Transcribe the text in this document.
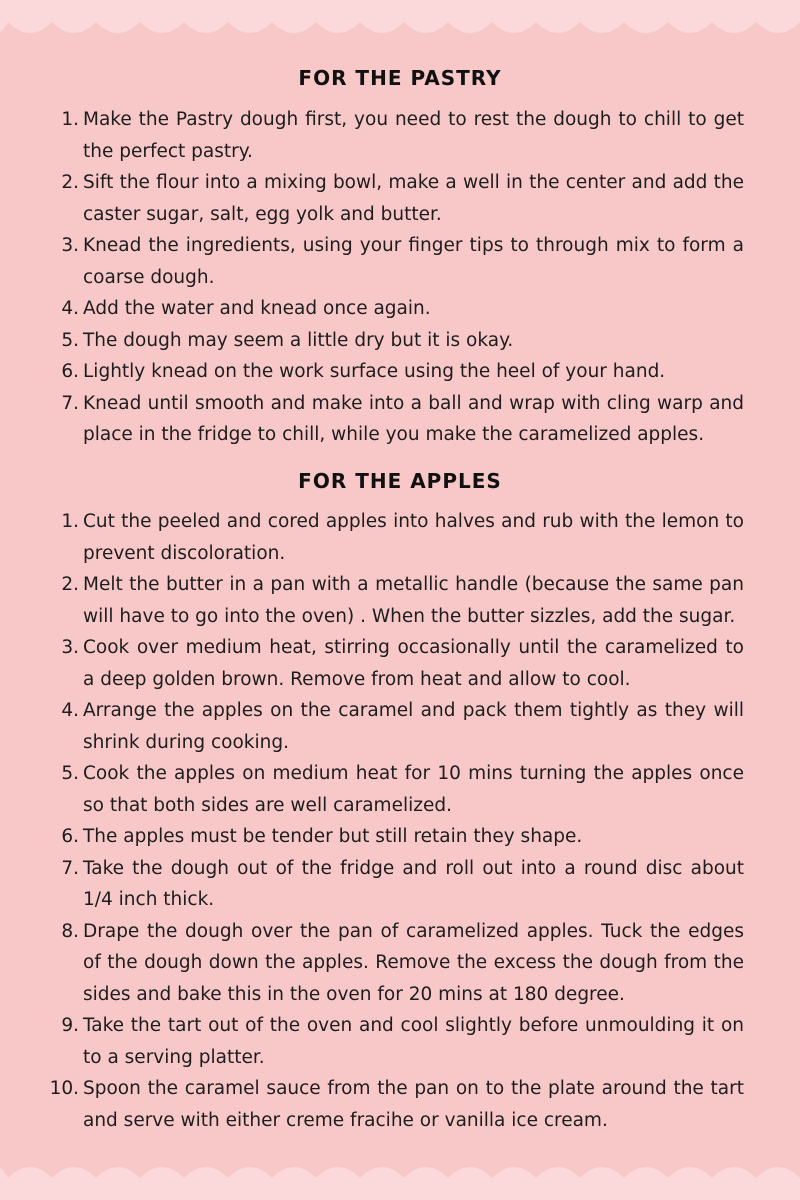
FOR THE PASTRY
1. Make the Pastry dough first, you need to rest the dough to chill to get the perfect pastry.
2. Sift the flour into a mixing bowl, make a well in the center and add the caster sugar, salt, egg yolk and butter.
3. Knead the ingredients, using your finger tips to through mix to form a coarse dough.
4. Add the water and knead once again.
5. The dough may seem a little dry but it is okay.
6. Lightly knead on the work surface using the heel of your hand.
7. Knead until smooth and make into a ball and wrap with cling warp and place in the fridge to chill, while you make the caramelized apples.
FOR THE APPLES
1. Cut the peeled and cored apples into halves and rub with the lemon to prevent discoloration.
2. Melt the butter in a pan with a metallic handle (because the same pan will have to go into the oven) . When the butter sizzles, add the sugar.
3. Cook over medium heat, stirring occasionally until the caramelized to a deep golden brown. Remove from heat and allow to cool.
4. Arrange the apples on the caramel and pack them tightly as they will shrink during cooking.
5. Cook the apples on medium heat for 10 mins turning the apples once so that both sides are well caramelized.
6. The apples must be tender but still retain they shape.
7. Take the dough out of the fridge and roll out into a round disc about 1/4 inch thick.
8. Drape the dough over the pan of caramelized apples. Tuck the edges of the dough down the apples. Remove the excess the dough from the sides and bake this in the oven for 20 mins at 180 degree.
9. Take the tart out of the oven and cool slightly before unmoulding it on to a serving platter.
10. Spoon the caramel sauce from the pan on to the plate around the tart and serve with either creme fracihe or vanilla ice cream.
